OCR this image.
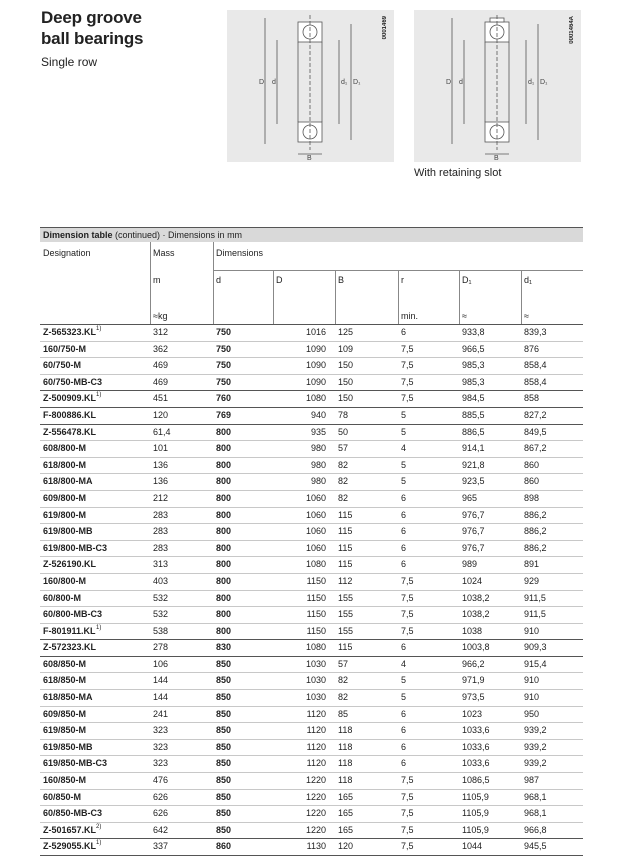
Deep groove
ball bearings
Single row
0001469
D d	d₁ D₁
B
0001464A
D d	d₁ D₁
B
With retaining slot
Dimension table (continued) · Dimensions in mm
Designation	Mass	Dimensions
m	d	D	B	r	D₁	d₁
≈kg	min.	≈	≈
Z-565323.KL 1)	312	750	1016 125	6	933,8	839,3
160/750-M	362	750	1090 109	7,5	966,5	876
60/750-M	469	750	1090 150	7,5	985,3	858,4
60/750-MB-C3	469	750	1090 150	7,5	985,3	858,4
Z-500909.KL 1)	451	760	1080 150	7,5	984,5	858
F-800886.KL	120	769	940 78	5	885,5	827,2
Z-556478.KL	61,4	800	935 50	5	886,5	849,5
608/800-M	101	800	980 57	4	914,1	867,2
618/800-M	136	800	980 82	5	921,8	860
618/800-MA	136	800	980 82	5	923,5	860
609/800-M	212	800	1060 82	6	965	898
619/800-M	283	800	1060 115	6	976,7	886,2
619/800-MB	283	800	1060 115	6	976,7	886,2
619/800-MB-C3	283	800	1060 115	6	976,7	886,2
Z-526190.KL	313	800	1080 115	6	989	891
160/800-M	403	800	1150 112	7,5	1024	929
60/800-M	532	800	1150 155	7,5	1038,2	911,5
60/800-MB-C3	532	800	1150 155	7,5	1038,2	911,5
F-801911.KL 1)	538	800	1150 155	7,5	1038	910
Z-572323.KL	278	830	1080 115	6	1003,8	909,3
608/850-M	106	850	1030 57	4	966,2	915,4
618/850-M	144	850	1030 82	5	971,9	910
618/850-MA	144	850	1030 82	5	973,5	910
609/850-M	241	850	1120 85	6	1023	950
619/850-M	323	850	1120 118	6	1033,6	939,2
619/850-MB	323	850	1120 118	6	1033,6	939,2
619/850-MB-C3	323	850	1120 118	6	1033,6	939,2
160/850-M	476	850	1220 118	7,5	1086,5	987
60/850-M	626	850	1220 165	7,5	1105,9	968,1
60/850-MB-C3	626	850	1220 165	7,5	1105,9	968,1
Z-501657.KL 2)	642	850	1220 165	7,5	1105,9	966,8
Z-529055.KL 1)	337	860	1130 120	7,5	1044	945,5
